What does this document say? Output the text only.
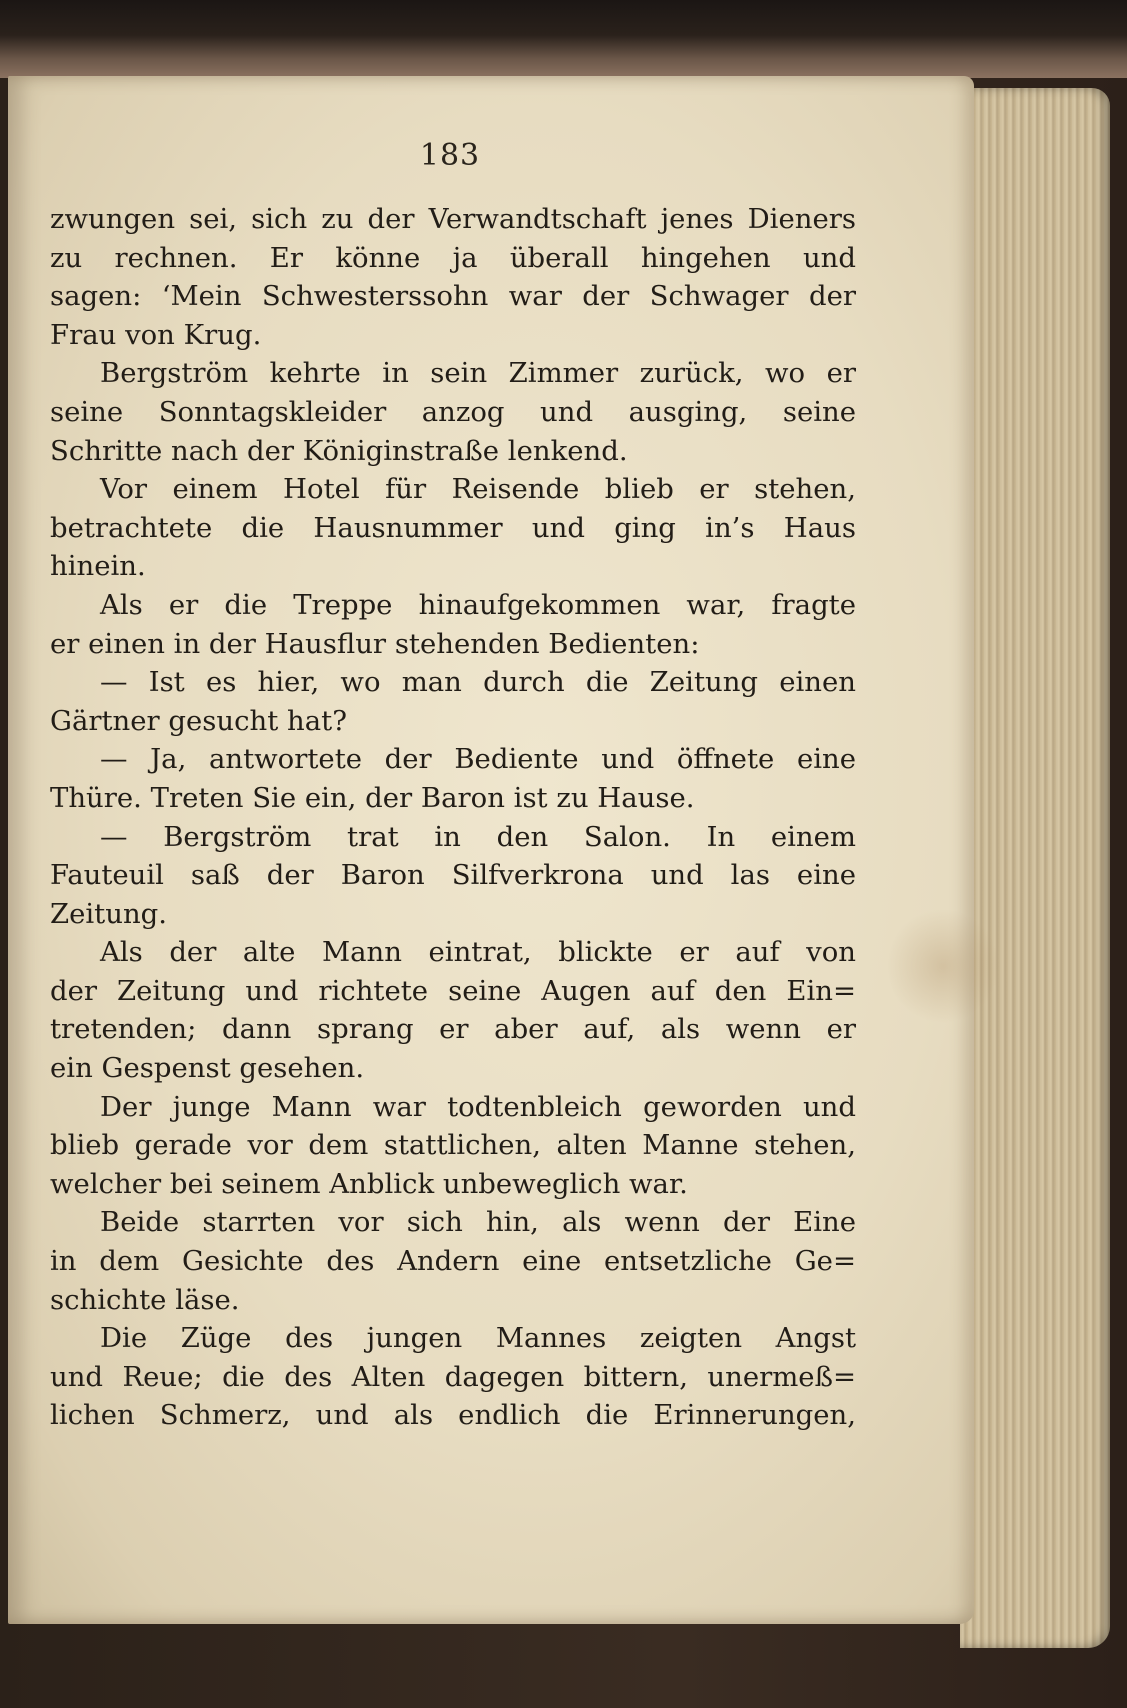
183
zwungen sei, sich zu der Verwandtschaft jenes Dieners
zu rechnen. Er könne ja überall hingehen und
sagen: ‘Mein Schwesterssohn war der Schwager der
Frau von Krug.
Bergström kehrte in sein Zimmer zurück, wo er
seine Sonntagskleider anzog und ausging, seine
Schritte nach der Königinstraße lenkend.
Vor einem Hotel für Reisende blieb er stehen,
betrachtete die Hausnummer und ging in’s Haus
hinein.
Als er die Treppe hinaufgekommen war, fragte
er einen in der Hausflur stehenden Bedienten:
— Ist es hier, wo man durch die Zeitung einen
Gärtner gesucht hat?
— Ja, antwortete der Bediente und öffnete eine
Thüre. Treten Sie ein, der Baron ist zu Hause.
— Bergström trat in den Salon. In einem
Fauteuil saß der Baron Silfverkrona und las eine
Zeitung.
Als der alte Mann eintrat, blickte er auf von
der Zeitung und richtete seine Augen auf den Ein=
tretenden; dann sprang er aber auf, als wenn er
ein Gespenst gesehen.
Der junge Mann war todtenbleich geworden und
blieb gerade vor dem stattlichen, alten Manne stehen,
welcher bei seinem Anblick unbeweglich war.
Beide starrten vor sich hin, als wenn der Eine
in dem Gesichte des Andern eine entsetzliche Ge=
schichte läse.
Die Züge des jungen Mannes zeigten Angst
und Reue; die des Alten dagegen bittern, unermeß=
lichen Schmerz, und als endlich die Erinnerungen,
